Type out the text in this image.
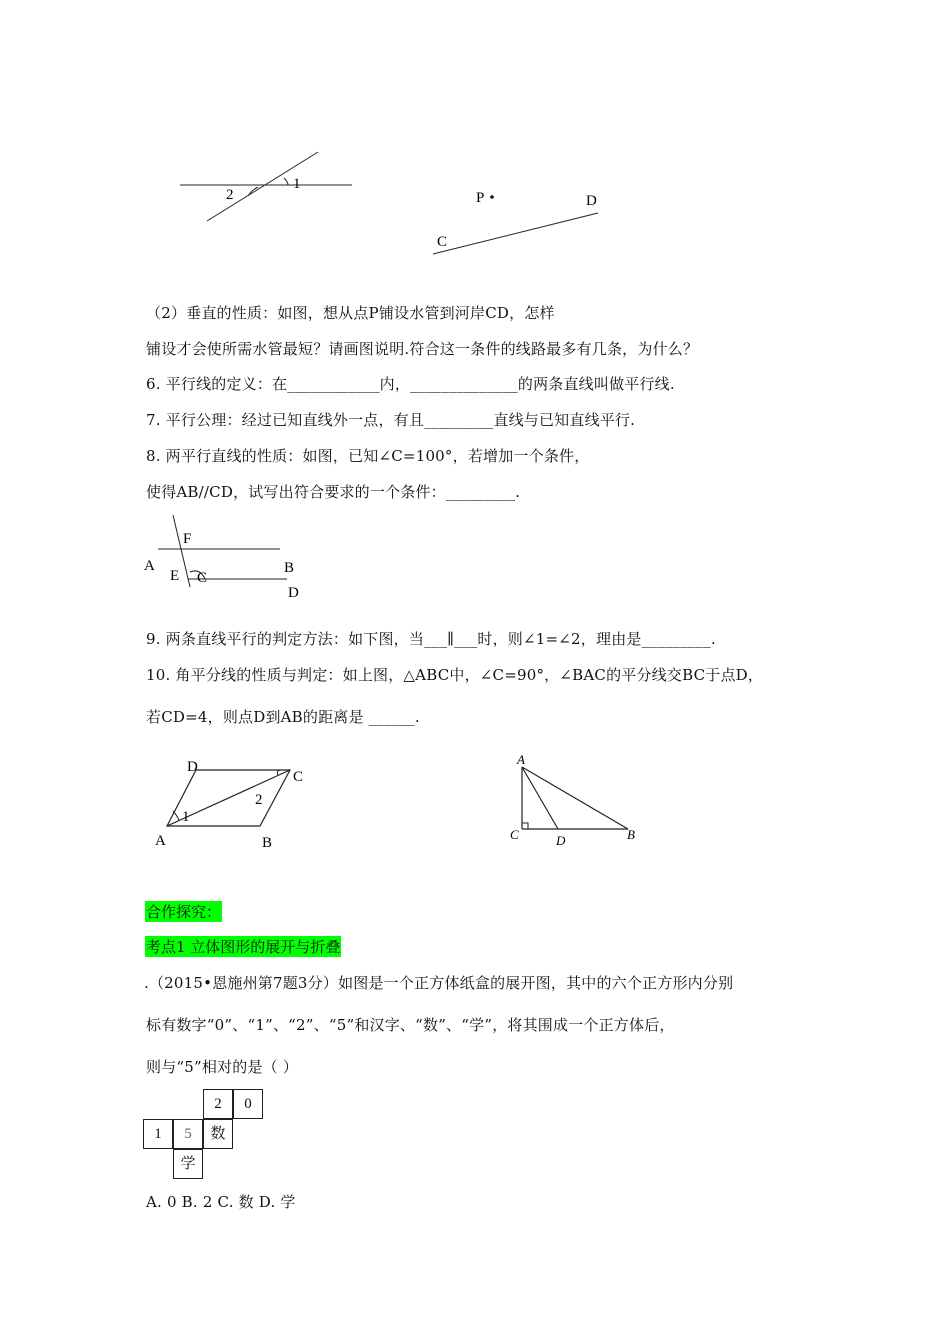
2
1
P	D
C
（2）垂直的性质：如图，想从点P铺设水管到河岸CD，怎样
铺设才会使所需水管最短？请画图说明.符合这一条件的线路最多有几条，为什么？
6. 平行线的定义：在____________内，______________的两条直线叫做平行线.
7. 平行公理：经过已知直线外一点，有且_________直线与已知直线平行.
8. 两平行直线的性质：如图，已知∠C=100°，若增加一个条件，
使得AB//CD，试写出符合要求的一个条件：_________.
F
A
E C
B
D
9. 两条直线平行的判定方法：如下图，当___∥___时，则∠1=∠2，理由是_________.
10. 角平分线的性质与判定：如上图，△ABC中，∠C=90°，∠BAC的平分线交BC于点D，
若CD=4，则点D到AB的距离是 ______.
D
C
2
1
A	B
A
C	D	B
合作探究：
考点1 立体图形的展开与折叠
.（2015•恩施州第7题3分）如图是一个正方体纸盒的展开图，其中的六个正方形内分别
标有数字“0”、“1”、“2”、“5”和汉字、“数”、“学”，将其围成一个正方体后，
则与“5”相对的是（ ）
2	0
1	5	数
学
A. 0 B. 2 C. 数 D. 学
